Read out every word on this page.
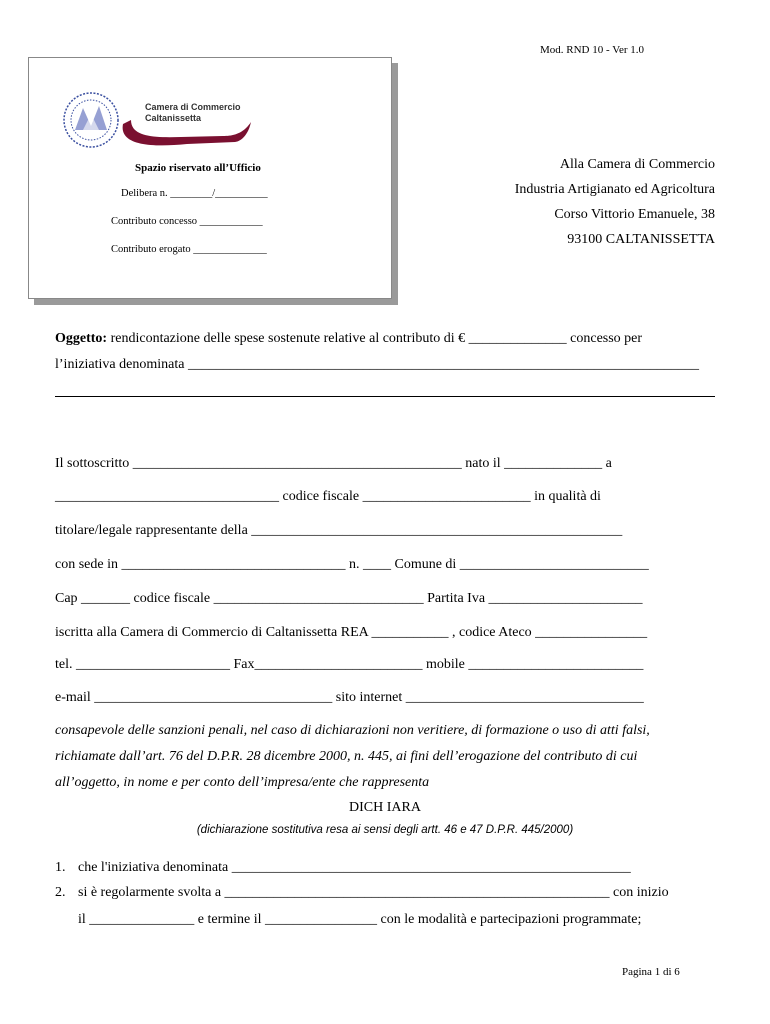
Mod. RND 10 - Ver 1.0
Camera di Commercio
Caltanissetta
Spazio riservato all’Ufficio
Delibera n. ________/__________
Contributo concesso ____________
Contributo erogato ______________
Alla Camera di Commercio
Industria Artigianato ed Agricoltura
Corso Vittorio Emanuele, 38
93100 CALTANISSETTA
Oggetto: rendicontazione delle spese sostenute relative al contributo di € ______________ concesso per
l’iniziativa denominata _________________________________________________________________________
Il sottoscritto _______________________________________________ nato il ______________ a
________________________________ codice fiscale ________________________ in qualità di
titolare/legale rappresentante della _____________________________________________________
con sede in ________________________________ n. ____ Comune di ___________________________
Cap _______ codice fiscale ______________________________ Partita Iva ______________________
iscritta alla Camera di Commercio di Caltanissetta REA ___________ , codice Ateco ________________
tel. ______________________ Fax________________________ mobile _________________________
e-mail __________________________________ sito internet __________________________________
consapevole delle sanzioni penali, nel caso di dichiarazioni non veritiere, di formazione o uso di atti falsi,
richiamate dall’art. 76 del D.P.R. 28 dicembre 2000, n. 445, ai fini dell’erogazione del contributo di cui
all’oggetto, in nome e per conto dell’impresa/ente che rappresenta
DICH IARA
(dichiarazione sostitutiva resa ai sensi degli artt. 46 e 47 D.P.R. 445/2000)
1. che l'iniziativa denominata _________________________________________________________
2. si è regolarmente svolta a _______________________________________________________ con inizio
il _______________ e termine il ________________ con le modalità e partecipazioni programmate;
Pagina 1 di 6
